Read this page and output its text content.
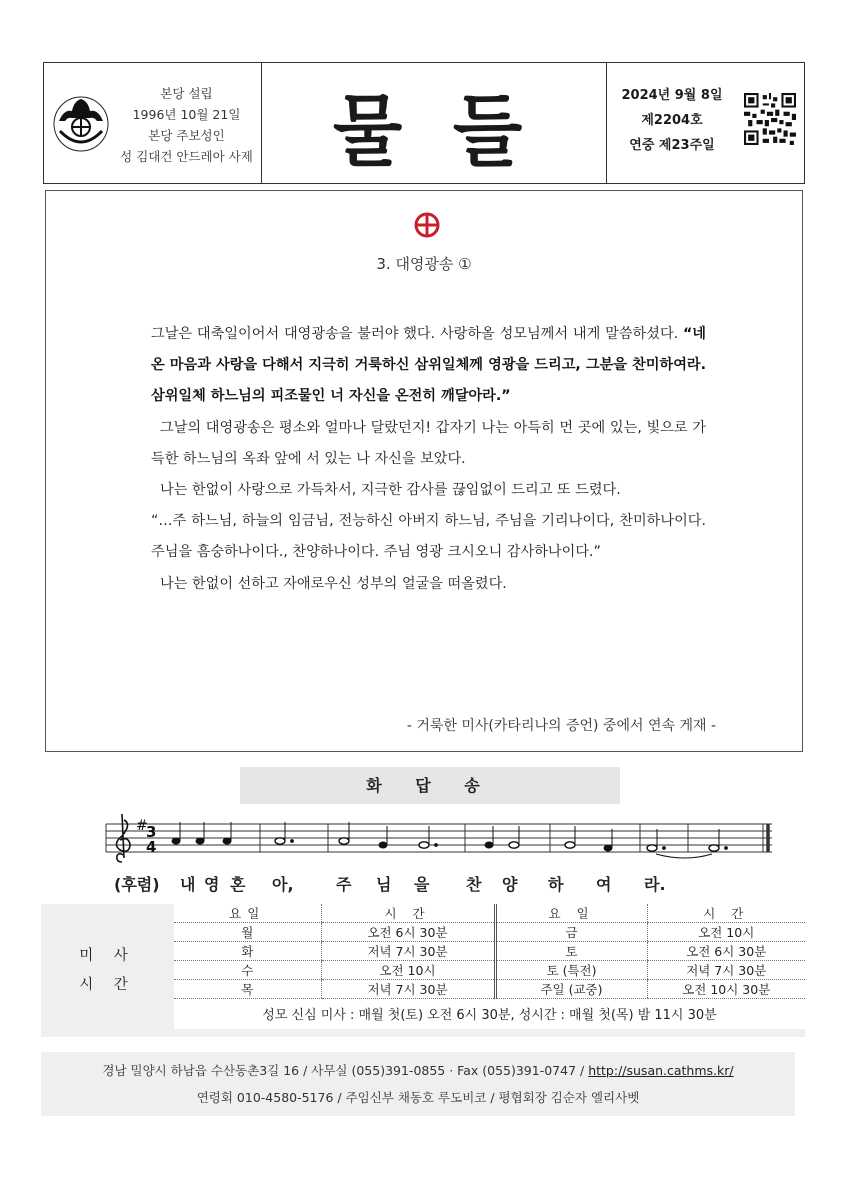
본당 설립
1996년 10월 21일
본당 주보성인
성 김대건 안드레아 사제	물 들	2024년 9월 8일
제2204호
연중 제23주일
3. 대영광송 ①

그날은 대축일이어서 대영광송을 불러야 했다. 사랑하올 성모님께서 내게 말씀하셨다. “네 온 마음과 사랑을 다해서 지극히 거룩하신 삼위일체께 영광을 드리고, 그분을 찬미하여라. 삼위일체 하느님의 피조물인 너 자신을 온전히 깨달아라.”

그날의 대영광송은 평소와 얼마나 달랐던지! 갑자기 나는 아득히 먼 곳에 있는, 빛으로 가득한 하느님의 옥좌 앞에 서 있는 나 자신을 보았다.

나는 한없이 사랑으로 가득차서, 지극한 감사를 끊임없이 드리고 또 드렸다.

“…주 하느님, 하늘의 임금님, 전능하신 아버지 하느님, 주님을 기리나이다, 찬미하나이다. 주님을 흠숭하나이다., 찬양하나이다. 주님 영광 크시오니 감사하나이다.”

나는 한없이 선하고 자애로우신 성부의 얼굴을 떠올렸다.

- 거룩한 미사(카타리나의 증언) 중에서 연속 게재 -
화 답 송
#
3
4
(후렴) 내 영 혼 아,	주 님 을 찬 양 하 여 라.
미 사
시 간
요일	시 간	요 일	시 간
월	오전 6시 30분	금	오전 10시
화	저녁 7시 30분	토	오전 6시 30분
수	오전 10시	토 (특전)	저녁 7시 30분
목	저녁 7시 30분	주일 (교중)	오전 10시 30분
성모 신심 미사 : 매월 첫(토) 오전 6시 30분, 성시간 : 매월 첫(목) 밤 11시 30분			
경남 밀양시 하남읍 수산동촌3길 16 / 사무실 (055)391-0855 · Fax (055)391-0747 / http://susan.cathms.kr/
연령회 010-4580-5176 / 주임신부 채동호 루도비코 / 평협회장 김순자 엘리사벳
